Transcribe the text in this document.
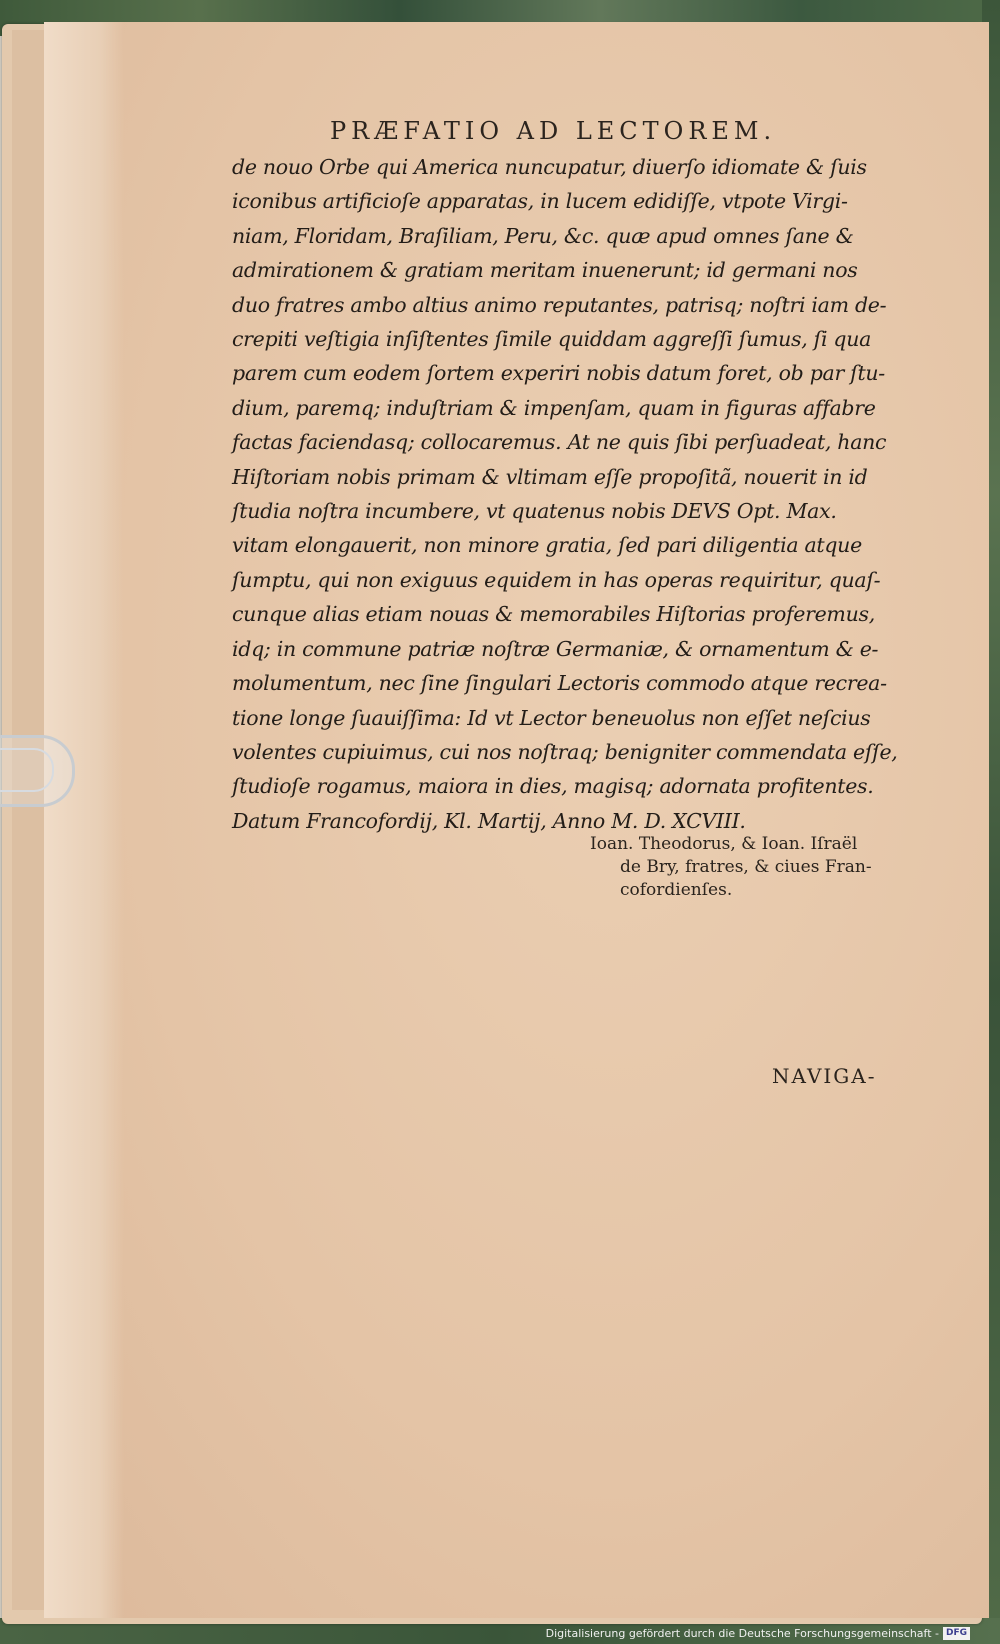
PRÆFATIO AD LECTOREM.
de nouo Orbe qui America nuncupatur, diuerſo idiomate & ſuis
iconibus artificioſe apparatas, in lucem edidiſſe, vtpote Virgi-
niam, Floridam, Braſiliam, Peru, &c. quæ apud omnes ſane &
admirationem & gratiam meritam inuenerunt; id germani nos
duo fratres ambo altius animo reputantes, patrisq; noſtri iam de-
crepiti veſtigia inſiſtentes ſimile quiddam aggreſſi ſumus, ſi qua
parem cum eodem ſortem experiri nobis datum foret, ob par ſtu-
dium, paremq; induſtriam & impenſam, quam in figuras affabre
factas faciendasq; collocaremus. At ne quis ſibi perſuadeat, hanc
Hiſtoriam nobis primam & vltimam eſſe propoſitã, nouerit in id
ſtudia noſtra incumbere, vt quatenus nobis DEVS Opt. Max.
vitam elongauerit, non minore gratia, ſed pari diligentia atque
ſumptu, qui non exiguus equidem in has operas requiritur, quaſ-
cunque alias etiam nouas & memorabiles Hiſtorias proferemus,
idq; in commune patriæ noſtræ Germaniæ, & ornamentum & e-
molumentum, nec ſine ſingulari Lectoris commodo atque recrea-
tione longe ſuauiſſima: Id vt Lector beneuolus non eſſet neſcius
volentes cupiuimus, cui nos noſtraq; benigniter commendata eſſe,
ſtudioſe rogamus, maiora in dies, magisq; adornata profitentes.
Datum Francofordij, Kl. Martij, Anno M. D. XCVIII.
Ioan. Theodorus, & Ioan. Iſraël
de Bry, fratres, & ciues Fran-
cofordienſes.
NAVIGA-
Digitalisierung gefördert durch die Deutsche Forschungsgemeinschaft - DFG
